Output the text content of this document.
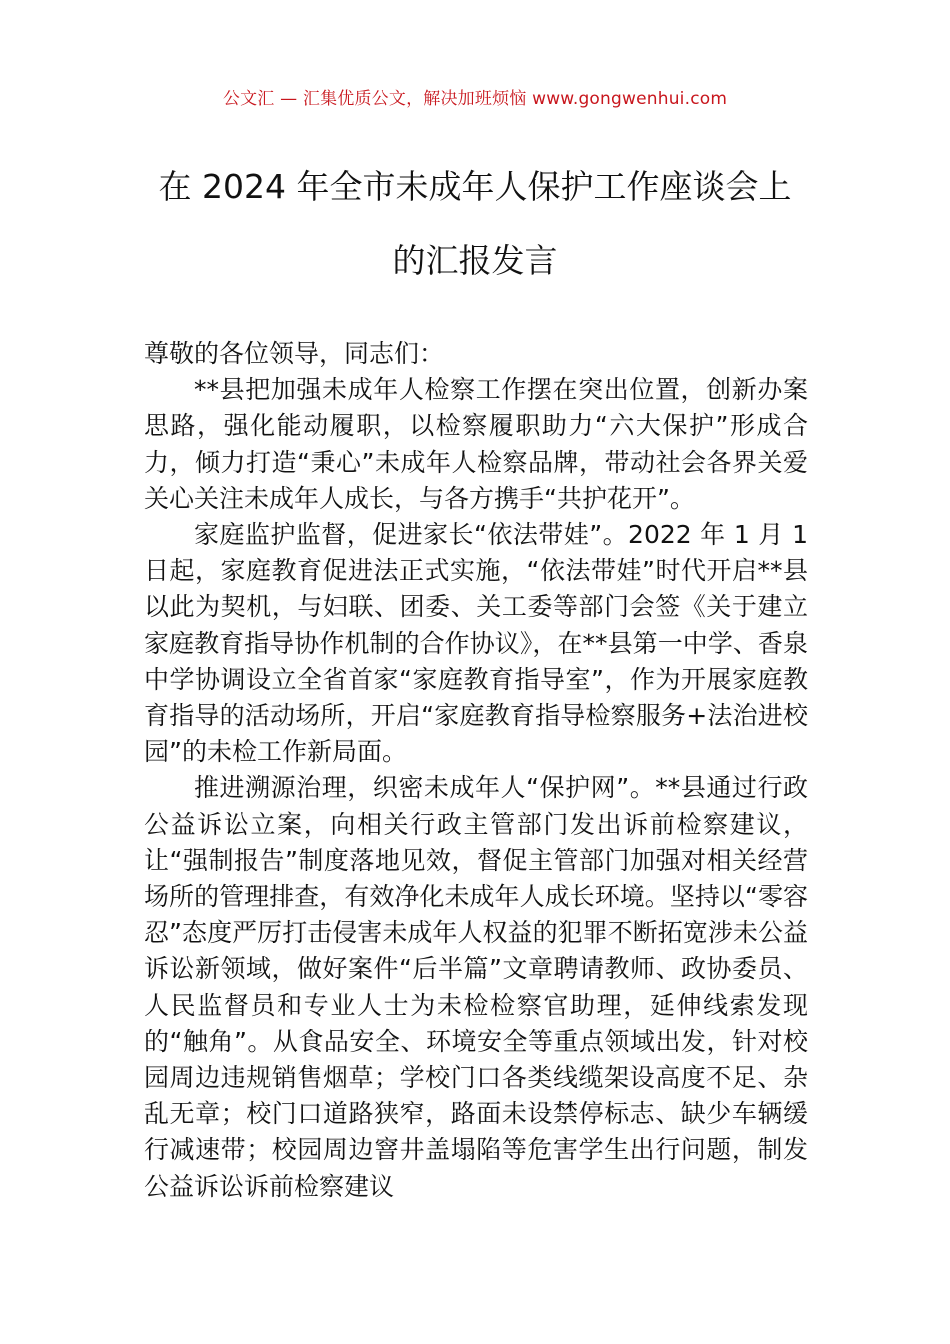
公文汇 — 汇集优质公文，解决加班烦恼 www.gongwenhui.com
在 2024 年全市未成年人保护工作座谈会上
的汇报发言

尊敬的各位领导，同志们：

**县把加强未成年人检察工作摆在突出位置，创新办案思路，强化能动履职，以检察履职助力“六大保护”形成合力，倾力打造“秉心”未成年人检察品牌，带动社会各界关爱关心关注未成年人成长，与各方携手“共护花开”。

家庭监护监督，促进家长“依法带娃”。2022 年 1 月 1 日起，家庭教育促进法正式实施，“依法带娃”时代开启**县以此为契机，与妇联、团委、关工委等部门会签《关于建立家庭教育指导协作机制的合作协议》，在**县第一中学、香泉中学协调设立全省首家“家庭教育指导室”，作为开展家庭教育指导的活动场所，开启“家庭教育指导检察服务+法治进校园”的未检工作新局面。

推进溯源治理，织密未成年人“保护网”。**县通过行政公益诉讼立案，向相关行政主管部门发出诉前检察建议，让“强制报告”制度落地见效，督促主管部门加强对相关经营场所的管理排查，有效净化未成年人成长环境。坚持以“零容忍”态度严厉打击侵害未成年人权益的犯罪不断拓宽涉未公益诉讼新领域，做好案件“后半篇”文章聘请教师、政协委员、人民监督员和专业人士为未检检察官助理，延伸线索发现的“触角”。从食品安全、环境安全等重点领域出发，针对校园周边违规销售烟草；学校门口各类线缆架设高度不足、杂乱无章；校门口道路狭窄，路面未设禁停标志、缺少车辆缓行减速带；校园周边窨井盖塌陷等危害学生出行问题，制发公益诉讼诉前检察建议
